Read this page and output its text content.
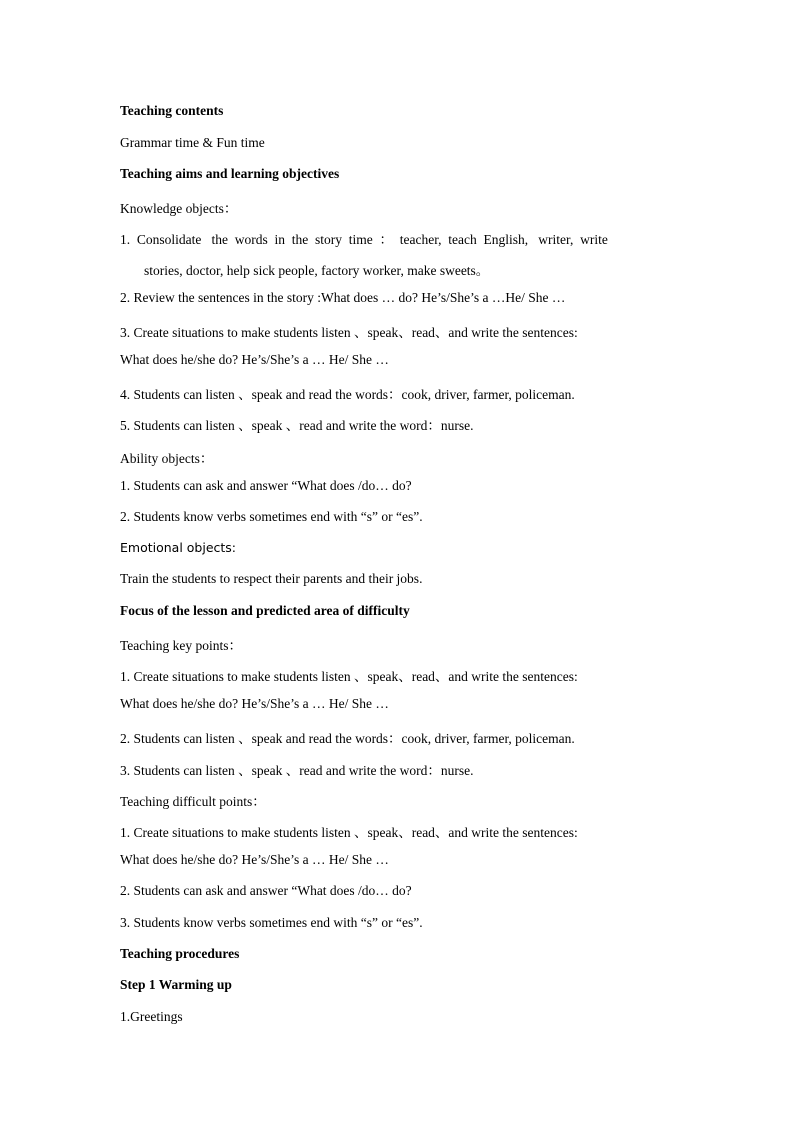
Teaching contents
Grammar time & Fun time
Teaching aims and learning objectives
Knowledge objects：
1.  Consolidate   the  words  in  the  story  time  ：  teacher,  teach  English,   writer,  write
stories, doctor, help sick people, factory worker, make sweets。
2. Review the sentences in the story :What does … do? He’s/She’s a …He/ She …
3. Create situations to make students listen 、speak、read、and write the sentences:
What does he/she do? He’s/She’s a … He/ She …
4. Students can listen 、speak and read the words：cook, driver, farmer, policeman.
5. Students can listen 、speak 、read and write the word：nurse.
Ability objects：
1. Students can ask and answer “What does /do… do?
2. Students know verbs sometimes end with “s” or “es”.
Emotional objects:
Train the students to respect their parents and their jobs.
Focus of the lesson and predicted area of difficulty
Teaching key points：
1. Create situations to make students listen 、speak、read、and write the sentences:
What does he/she do? He’s/She’s a … He/ She …
2. Students can listen 、speak and read the words：cook, driver, farmer, policeman.
3. Students can listen 、speak 、read and write the word：nurse.
Teaching difficult points：
1. Create situations to make students listen 、speak、read、and write the sentences:
What does he/she do? He’s/She’s a … He/ She …
2. Students can ask and answer “What does /do… do?
3. Students know verbs sometimes end with “s” or “es”.
Teaching procedures
Step 1 Warming up
1.Greetings
